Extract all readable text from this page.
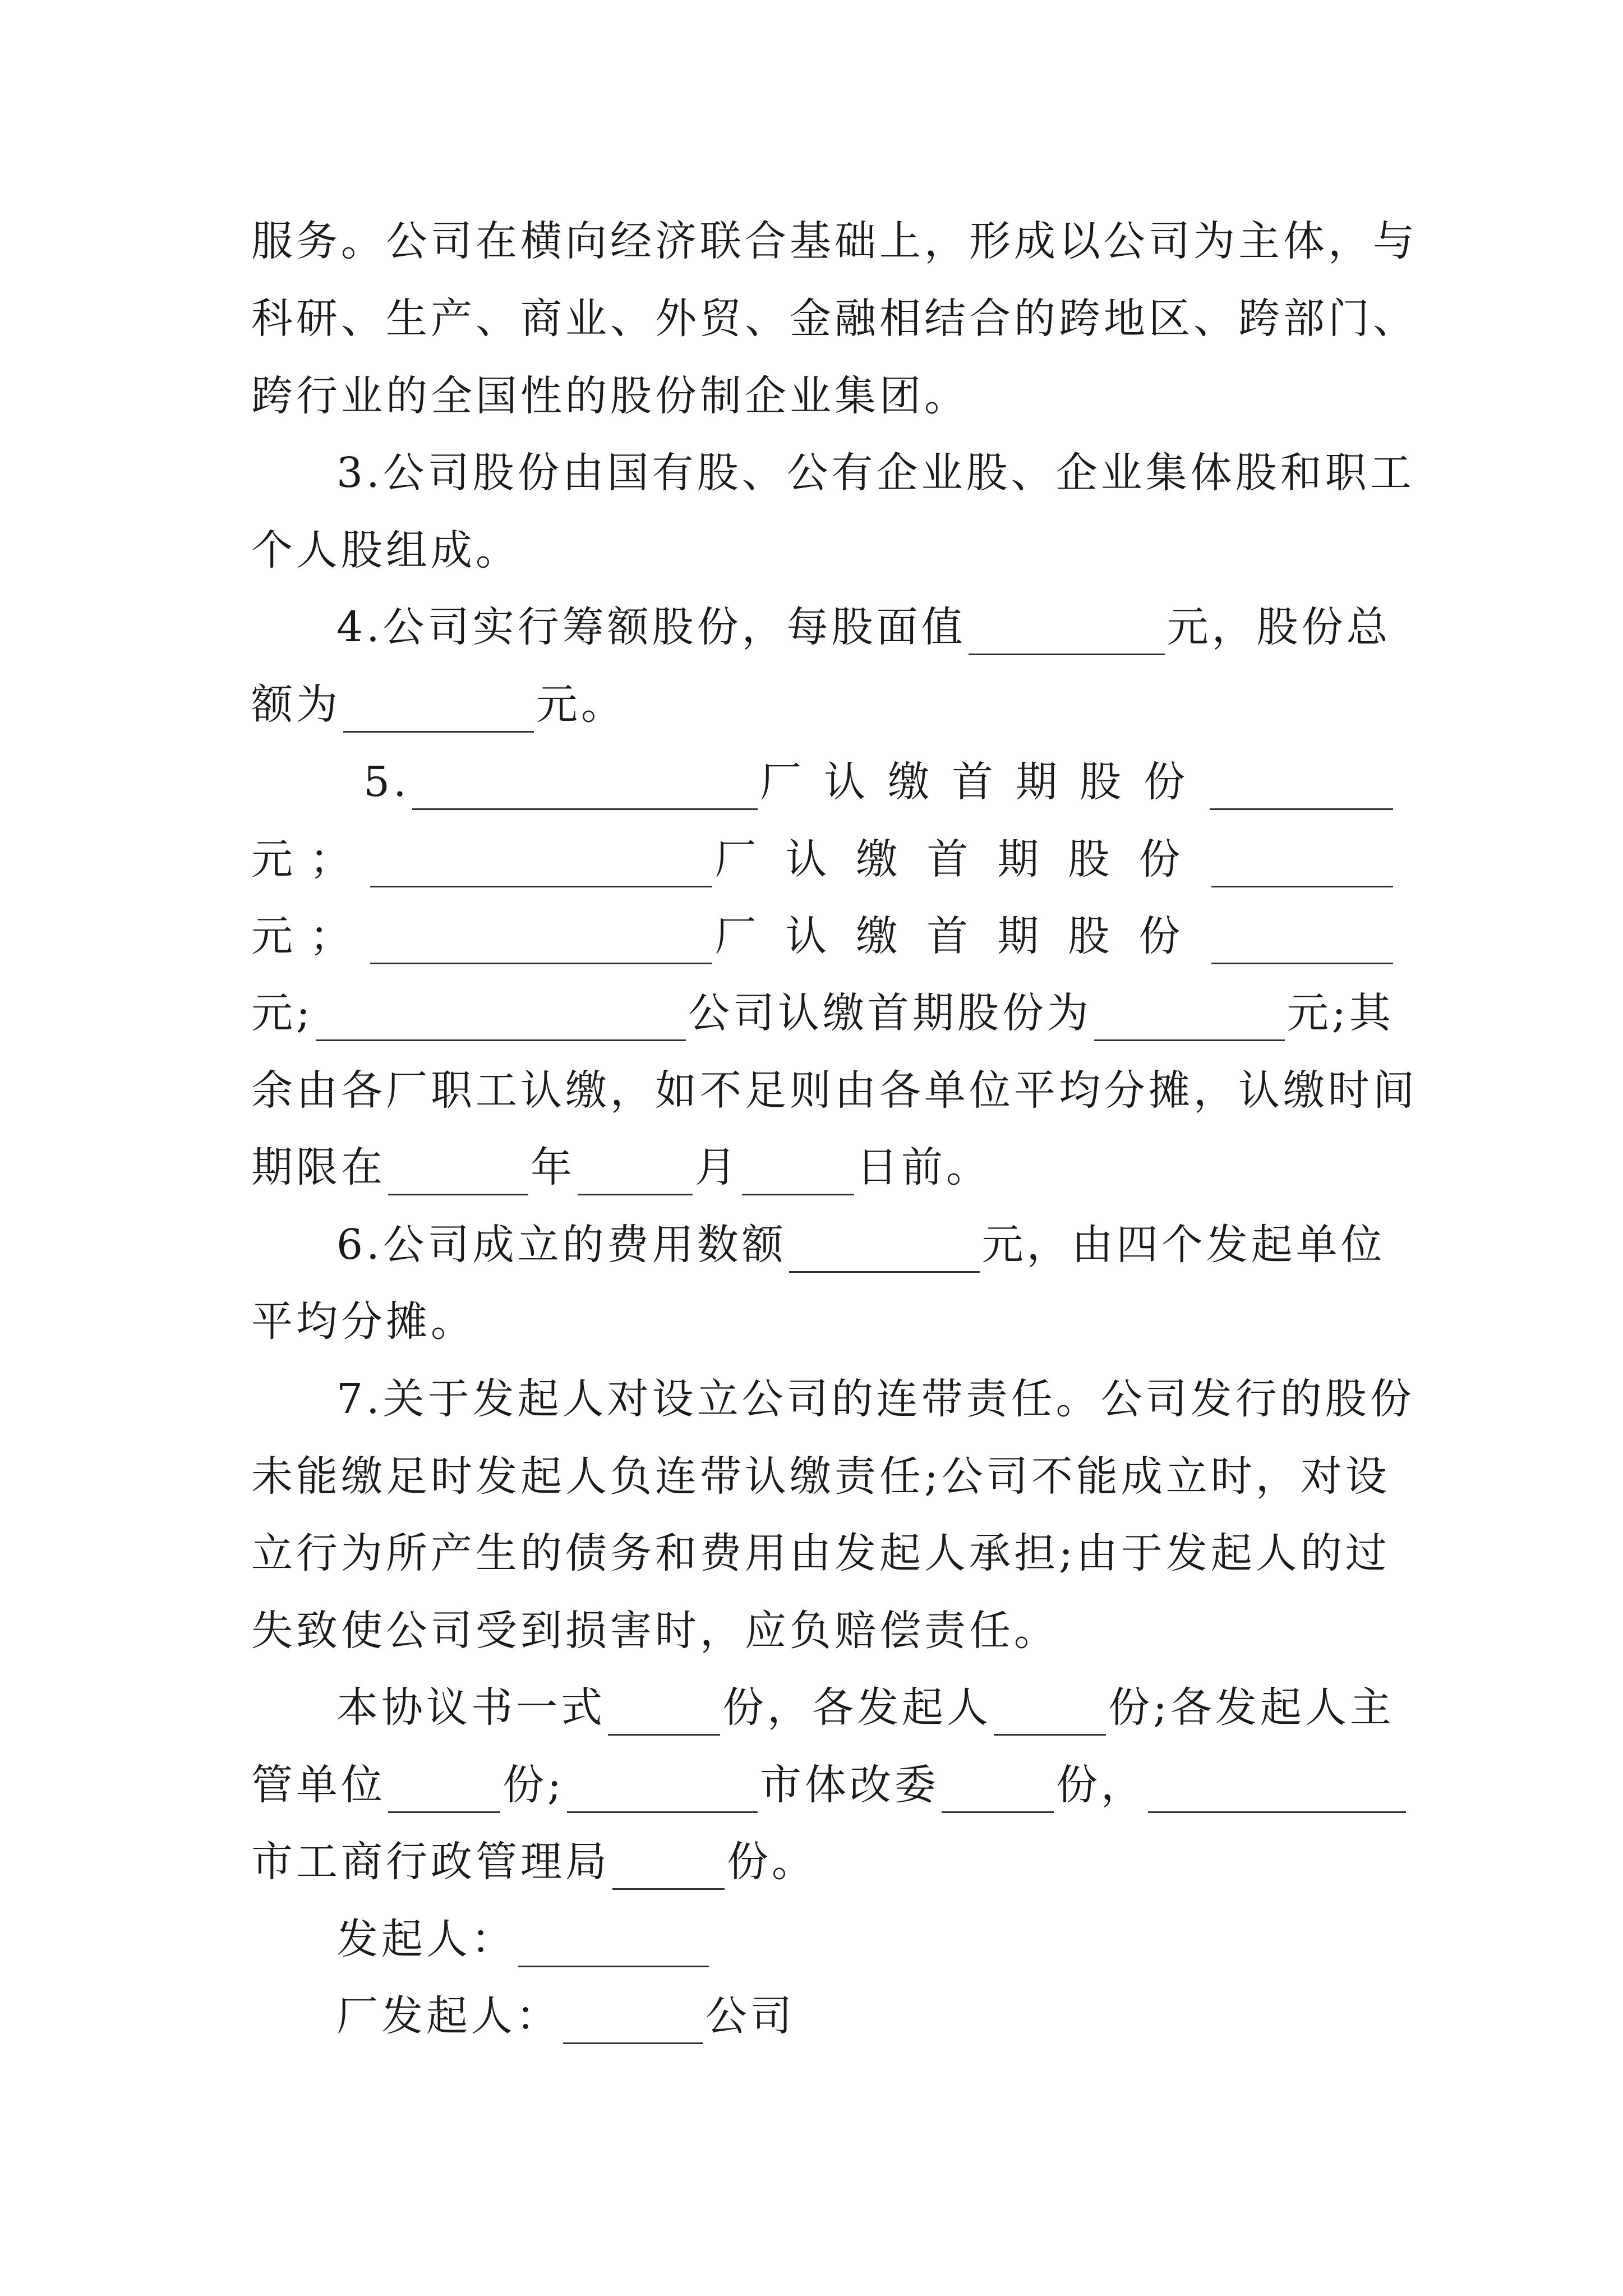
服务。公司在横向经济联合基础上，形成以公司为主体，与
科研、生产、商业、外贸、金融相结合的跨地区、跨部门、
跨行业的全国性的股份制企业集团。
3.公司股份由国有股、公有企业股、企业集体股和职工
个人股组成。
4.公司实行筹额股份，每股面值	元，股份总
额为	元。
5.	厂认缴首期股份
元；	厂认缴首期股份
元；	厂认缴首期股份
元;	公司认缴首期股份为	元;其
余由各厂职工认缴，如不足则由各单位平均分摊，认缴时间
期限在	年	月	日前。
6.公司成立的费用数额	元，由四个发起单位
平均分摊。
7.关于发起人对设立公司的连带责任。公司发行的股份
未能缴足时发起人负连带认缴责任;公司不能成立时，对设
立行为所产生的债务和费用由发起人承担;由于发起人的过
失致使公司受到损害时，应负赔偿责任。
本协议书一式	份，各发起人	份;各发起人主
管单位	份;	市体改委	份，
市工商行政管理局	份。
发起人：
厂发起人：	公司
